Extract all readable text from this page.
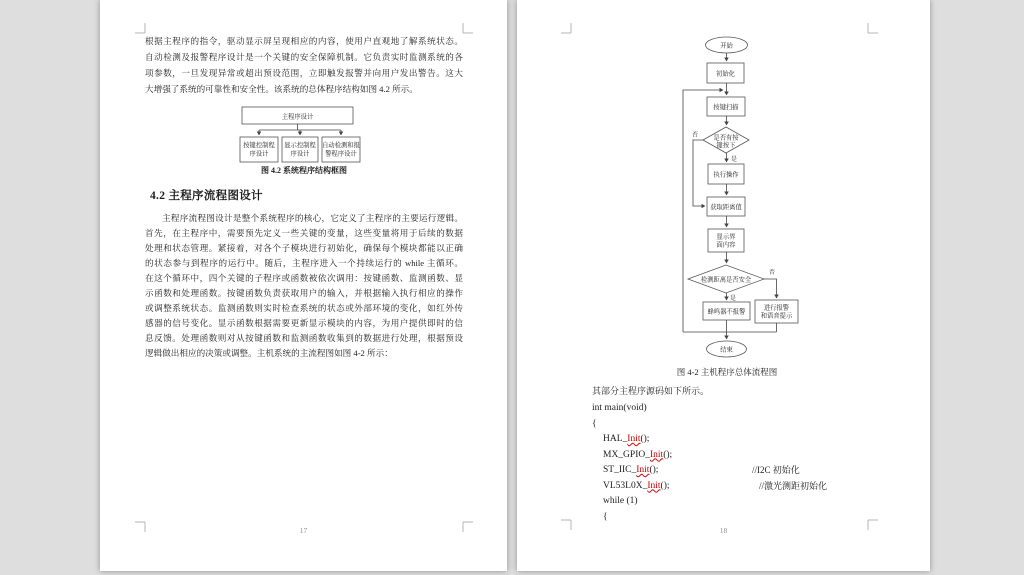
根据主程序的指令，驱动显示屏呈现相应的内容，使用户直观地了解系统状态。
自动检测及报警程序设计是一个关键的安全保障机制。它负责实时监测系统的各
项参数，一旦发现异常或超出预设范围，立即触发报警并向用户发出警告。这大
大增强了系统的可靠性和安全性。该系统的总体程序结构如图 4.2 所示。
主程序设计
按键控制程
序设计
显示控制程
序设计
自动检测和报
警程序设计
图 4.2 系统程序结构框图
4.2 主程序流程图设计
主程序流程图设计是整个系统程序的核心，它定义了主程序的主要运行逻辑。
首先，在主程序中，需要预先定义一些关键的变量，这些变量将用于后续的数据
处理和状态管理。紧接着，对各个子模块进行初始化，确保每个模块都能以正确
的状态参与到程序的运行中。随后，主程序进入一个持续运行的 while 主循环。
在这个循环中，四个关键的子程序或函数被依次调用：按键函数、监测函数、显
示函数和处理函数。按键函数负责获取用户的输入，并根据输入执行相应的操作
或调整系统状态。监测函数则实时检查系统的状态或外部环境的变化，如红外传
感器的信号变化。显示函数根据需要更新显示模块的内容，为用户提供即时的信
息反馈。处理函数则对从按键函数和监测函数收集到的数据进行处理，根据预设
逻辑做出相应的决策或调整。主机系统的主流程图如图 4-2 所示：
17
开始
初始化
按键扫描
是否有按
键按下
否
是
执行操作
获取距离值
显示界
面内容
检测距离是否安全
否
是
蜂鸣器不报警
进行报警
和语音提示
结束
图 4-2 主机程序总体流程图
其部分主程序源码如下所示。
int main(void)
{
HAL_Init();
MX_GPIO_Init();
ST_IIC_Init();	//I2C 初始化
VL53L0X_Init();	//激光测距初始化
while (1)
{
18
